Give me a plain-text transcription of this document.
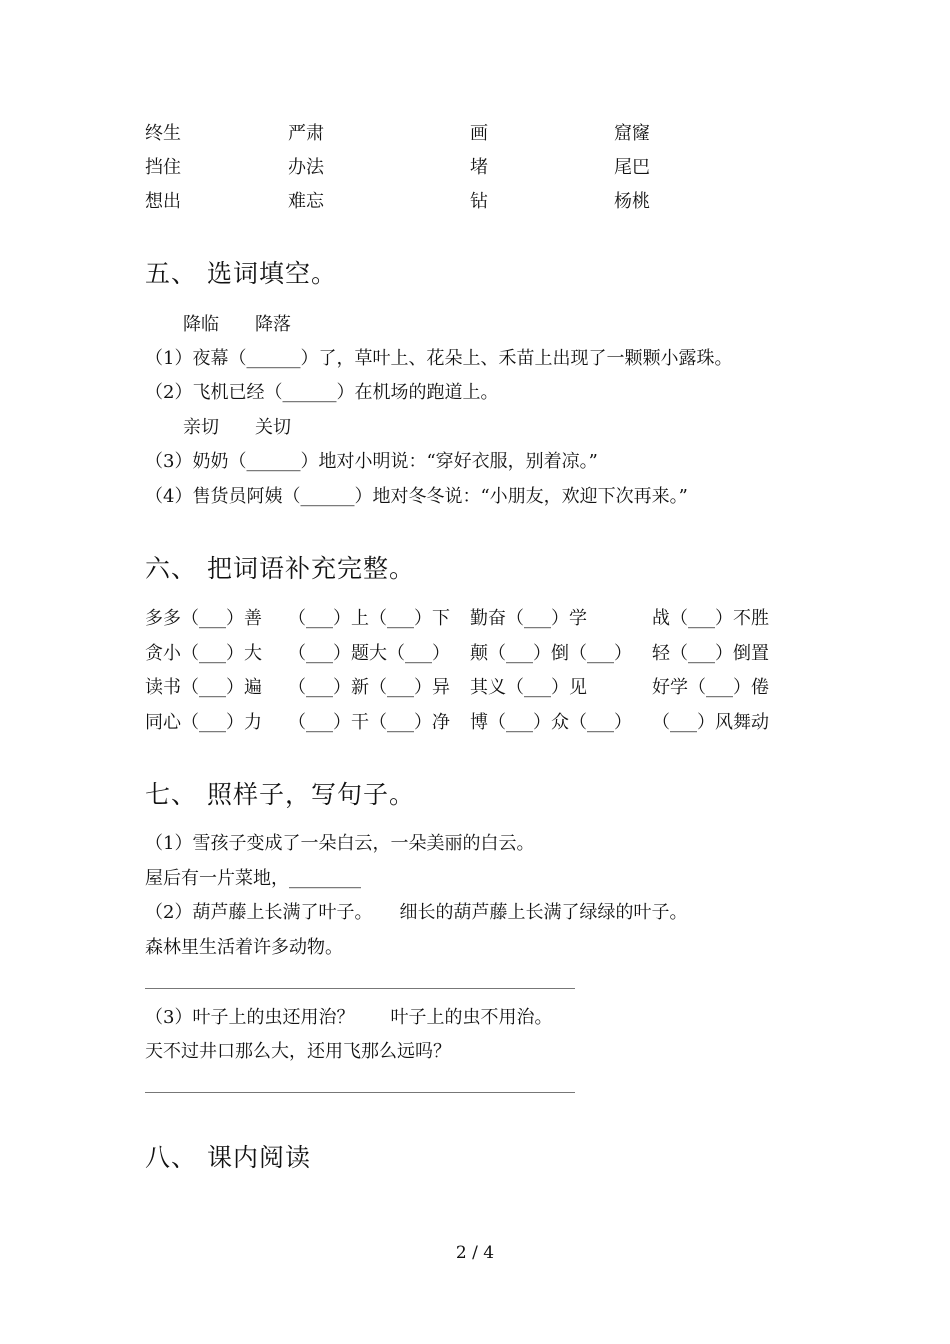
终生	严肃	画	窟窿
挡住	办法	堵	尾巴
想出	难忘	钻	杨桃
五、 选词填空。
降临　　降落
（1）夜幕（______）了，草叶上、花朵上、禾苗上出现了一颗颗小露珠。
（2）飞机已经（______）在机场的跑道上。
亲切　　关切
（3）奶奶（______）地对小明说：“穿好衣服，别着凉。”
（4）售货员阿姨（______）地对冬冬说：“小朋友，欢迎下次再来。”
六、 把词语补充完整。
多多（___）善 （___）上（___）下 勤奋（___）学	战（___）不胜
贪小（___）大 （___）题大（___） 颠（___）倒（___） 轻（___）倒置
读书（___）遍 （___）新（___）异 其义（___）见	好学（___）倦
同心（___）力 （___）干（___）净 博（___）众（___） （___）风舞动
七、 照样子，写句子。
（1）雪孩子变成了一朵白云，一朵美丽的白云。
屋后有一片菜地，________
（2）葫芦藤上长满了叶子。　　细长的葫芦藤上长满了绿绿的叶子。
森林里生活着许多动物。
（3）叶子上的虫还用治？　　叶子上的虫不用治。
天不过井口那么大，还用飞那么远吗？
八、 课内阅读
2 / 4
